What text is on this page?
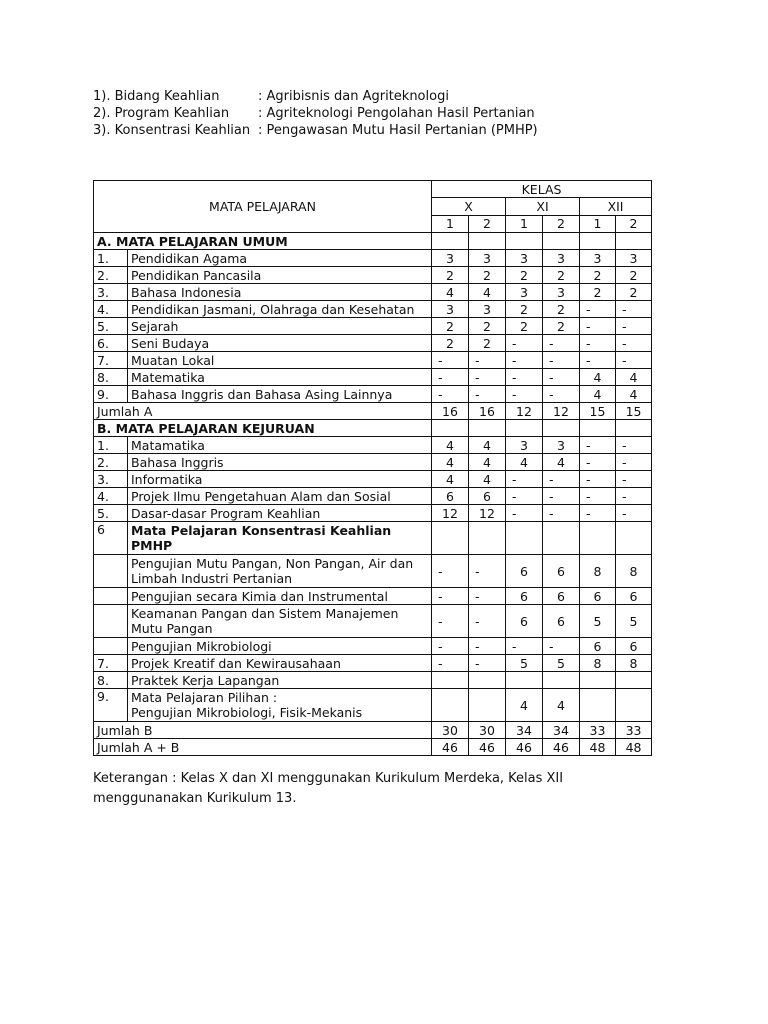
1). Bidang Keahlian	: Agribisnis dan Agriteknologi
2). Program Keahlian	: Agriteknologi Pengolahan Hasil Pertanian
3). Konsentrasi Keahlian : Pengawasan Mutu Hasil Pertanian (PMHP)
MATA PELAJARAN		KELAS					
		X		XI		XII	
		1	2	1	2	1	2
A. MATA PELAJARAN UMUM							
1.	Pendidikan Agama	3	3	3	3	3	3
2.	Pendidikan Pancasila	2	2	2	2	2	2
3.	Bahasa Indonesia	4	4	3	3	2	2
4.	Pendidikan Jasmani, Olahraga dan Kesehatan	3	3	2	2	-	-
5.	Sejarah	2	2	2	2	-	-
6.	Seni Budaya	2	2	-	-	-	-
7.	Muatan Lokal	-	-	-	-	-	-
8.	Matematika	-	-	-	-	4	4
9.	Bahasa Inggris dan Bahasa Asing Lainnya	-	-	-	-	4	4
Jumlah A		16	16	12	12	15	15
B. MATA PELAJARAN KEJURUAN							
1.	Matamatika	4	4	3	3	-	-
2.	Bahasa Inggris	4	4	4	4	-	-
3.	Informatika	4	4	-	-	-	-
4.	Projek Ilmu Pengetahuan Alam dan Sosial	6	6	-	-	-	-
5.	Dasar-dasar Program Keahlian	12	12	-	-	-	-
6	Mata Pelajaran Konsentrasi Keahlian PMHP						
	Pengujian Mutu Pangan, Non Pangan, Air dan Limbah Industri Pertanian	-	-	6	6	8	8
	Pengujian secara Kimia dan Instrumental	-	-	6	6	6	6
	Keamanan Pangan dan Sistem Manajemen Mutu Pangan	-	-	6	6	5	5
	Pengujian Mikrobiologi	-	-	-	-	6	6
7.	Projek Kreatif dan Kewirausahaan	-	-	5	5	8	8
8.	Praktek Kerja Lapangan						
9.	Mata Pelajaran Pilihan :
Pengujian Mikrobiologi, Fisik-Mekanis			4	4		
Jumlah B		30	30	34	34	33	33
Jumlah A + B		46	46	46	46	48	48
Keterangan : Kelas X dan XI menggunakan Kurikulum Merdeka, Kelas XII menggunanakan Kurikulum 13.
